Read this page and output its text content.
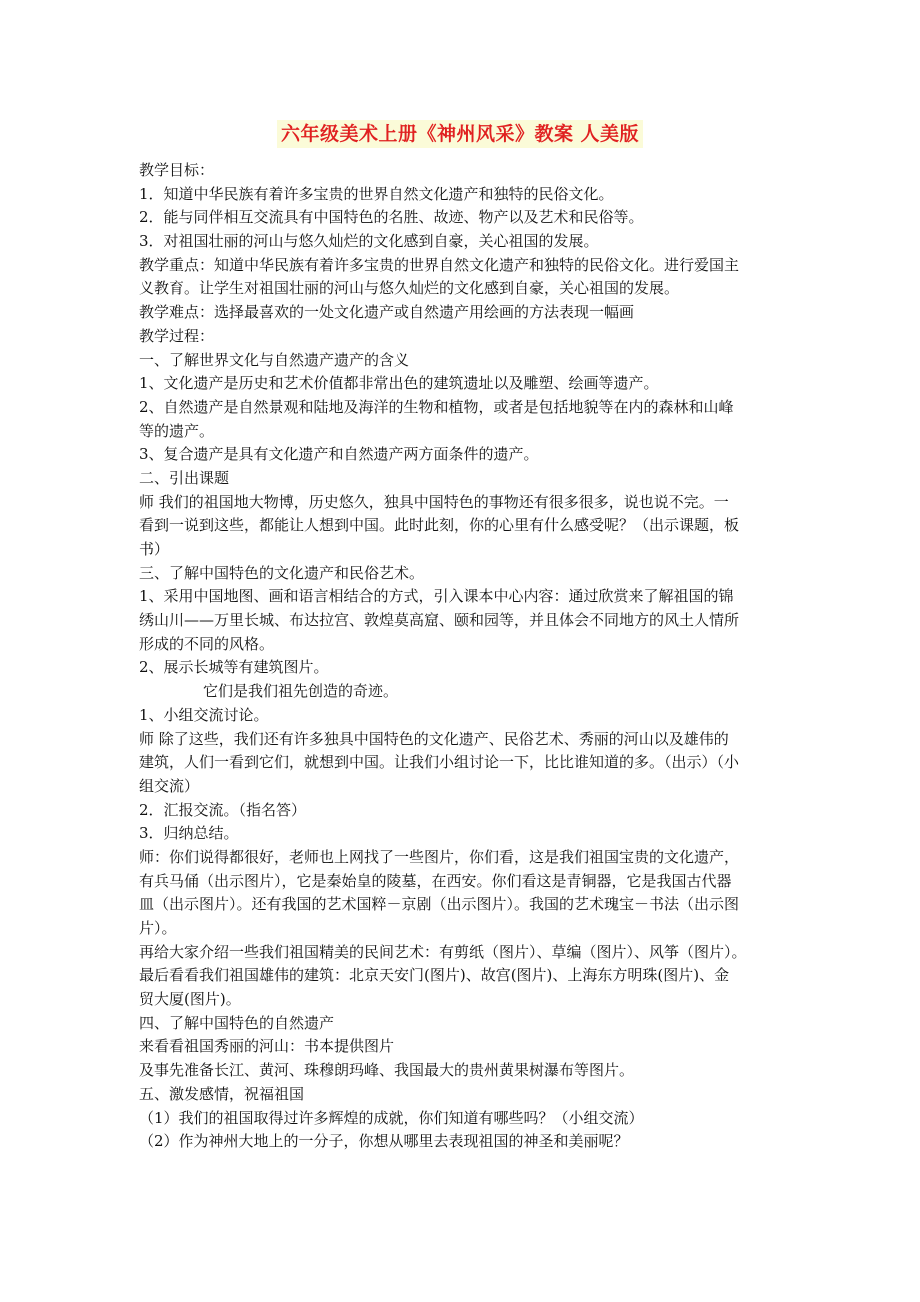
六年级美术上册《神州风采》教案 人美版
教学目标：
1．知道中华民族有着许多宝贵的世界自然文化遗产和独特的民俗文化。
2．能与同伴相互交流具有中国特色的名胜、故迹、物产以及艺术和民俗等。
3．对祖国壮丽的河山与悠久灿烂的文化感到自豪，关心祖国的发展。
教学重点：知道中华民族有着许多宝贵的世界自然文化遗产和独特的民俗文化。进行爱国主
义教育。让学生对祖国壮丽的河山与悠久灿烂的文化感到自豪，关心祖国的发展。
教学难点：选择最喜欢的一处文化遗产或自然遗产用绘画的方法表现一幅画
教学过程：
一、了解世界文化与自然遗产遗产的含义
1、文化遗产是历史和艺术价值都非常出色的建筑遗址以及雕塑、绘画等遗产。
2、自然遗产是自然景观和陆地及海洋的生物和植物，或者是包括地貌等在内的森林和山峰
等的遗产。
3、复合遗产是具有文化遗产和自然遗产两方面条件的遗产。
二、引出课题
师 我们的祖国地大物博，历史悠久，独具中国特色的事物还有很多很多，说也说不完。一
看到一说到这些，都能让人想到中国。此时此刻，你的心里有什么感受呢？（出示课题，板
书）
三、了解中国特色的文化遗产和民俗艺术。
1、采用中国地图、画和语言相结合的方式，引入课本中心内容：通过欣赏来了解祖国的锦
绣山川——万里长城、布达拉宫、敦煌莫高窟、颐和园等，并且体会不同地方的风土人情所
形成的不同的风格。
2、展示长城等有建筑图片。
它们是我们祖先创造的奇迹。
1、小组交流讨论。
师 除了这些，我们还有许多独具中国特色的文化遗产、民俗艺术、秀丽的河山以及雄伟的
建筑，人们一看到它们，就想到中国。让我们小组讨论一下，比比谁知道的多。（出示）（小
组交流）
2．汇报交流。（指名答）
3．归纳总结。
师：你们说得都很好，老师也上网找了一些图片，你们看，这是我们祖国宝贵的文化遗产，
有兵马俑（出示图片），它是秦始皇的陵墓，在西安。你们看这是青铜器，它是我国古代器
皿（出示图片）。还有我国的艺术国粹－京剧（出示图片）。我国的艺术瑰宝－书法（出示图
片）。
再给大家介绍一些我们祖国精美的民间艺术：有剪纸（图片）、草编（图片）、风筝（图片）。
最后看看我们祖国雄伟的建筑：北京天安门(图片)、故宫(图片)、上海东方明珠(图片)、金
贸大厦(图片)。
四、了解中国特色的自然遗产
来看看祖国秀丽的河山：书本提供图片
及事先准备长江、黄河、珠穆朗玛峰、我国最大的贵州黄果树瀑布等图片。
五、激发感情，祝福祖国
（1）我们的祖国取得过许多辉煌的成就，你们知道有哪些吗？（小组交流）
（2）作为神州大地上的一分子，你想从哪里去表现祖国的神圣和美丽呢？
